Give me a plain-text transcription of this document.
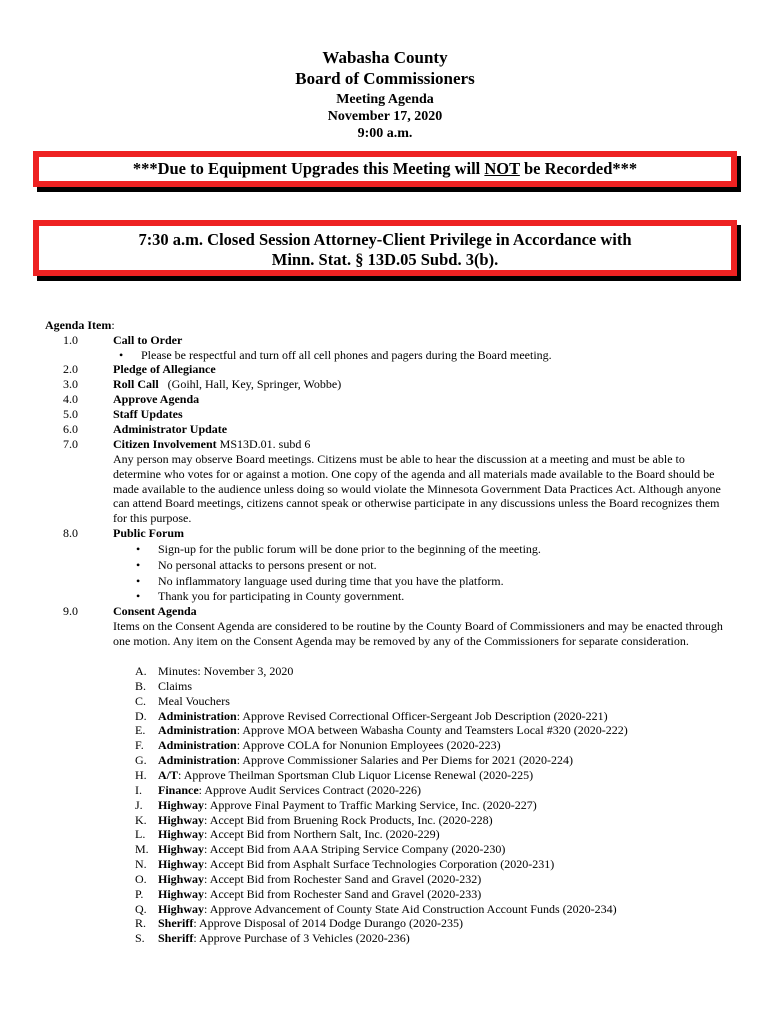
Wabasha County
Board of Commissioners
Meeting Agenda
November 17, 2020
9:00 a.m.
***Due to Equipment Upgrades this Meeting will NOT be Recorded***
7:30 a.m. Closed Session Attorney-Client Privilege in Accordance with
Minn. Stat. § 13D.05 Subd. 3(b).
Agenda Item:
1.0	Call to Order
• Please be respectful and turn off all cell phones and pagers during the Board meeting.
2.0	Pledge of Allegiance
3.0	Roll Call (Goihl, Hall, Key, Springer, Wobbe)
4.0	Approve Agenda
5.0	Staff Updates
6.0	Administrator Update
7.0	Citizen Involvement MS13D.01. subd 6
Any person may observe Board meetings. Citizens must be able to hear the discussion at a meeting and must be able to determine who votes for or against a motion. One copy of the agenda and all materials made available to the Board should be made available to the audience unless doing so would violate the Minnesota Government Data Practices Act. Although anyone can attend Board meetings, citizens cannot speak or otherwise participate in any discussions unless the Board recognizes them for this purpose.
8.0	Public Forum
• Sign-up for the public forum will be done prior to the beginning of the meeting.
• No personal attacks to persons present or not.
• No inflammatory language used during time that you have the platform.
• Thank you for participating in County government.
9.0	Consent Agenda
Items on the Consent Agenda are considered to be routine by the County Board of Commissioners and may be enacted through one motion. Any item on the Consent Agenda may be removed by any of the Commissioners for separate consideration.
A. Minutes: November 3, 2020
B. Claims
C. Meal Vouchers
D. Administration: Approve Revised Correctional Officer-Sergeant Job Description (2020-221)
E. Administration: Approve MOA between Wabasha County and Teamsters Local #320 (2020-222)
F. Administration: Approve COLA for Nonunion Employees (2020-223)
G. Administration: Approve Commissioner Salaries and Per Diems for 2021 (2020-224)
H. A/T: Approve Theilman Sportsman Club Liquor License Renewal (2020-225)
I. Finance: Approve Audit Services Contract (2020-226)
J. Highway: Approve Final Payment to Traffic Marking Service, Inc. (2020-227)
K. Highway: Accept Bid from Bruening Rock Products, Inc. (2020-228)
L. Highway: Accept Bid from Northern Salt, Inc. (2020-229)
M. Highway: Accept Bid from AAA Striping Service Company (2020-230)
N. Highway: Accept Bid from Asphalt Surface Technologies Corporation (2020-231)
O. Highway: Accept Bid from Rochester Sand and Gravel (2020-232)
P. Highway: Accept Bid from Rochester Sand and Gravel (2020-233)
Q. Highway: Approve Advancement of County State Aid Construction Account Funds (2020-234)
R. Sheriff: Approve Disposal of 2014 Dodge Durango (2020-235)
S. Sheriff: Approve Purchase of 3 Vehicles (2020-236)
